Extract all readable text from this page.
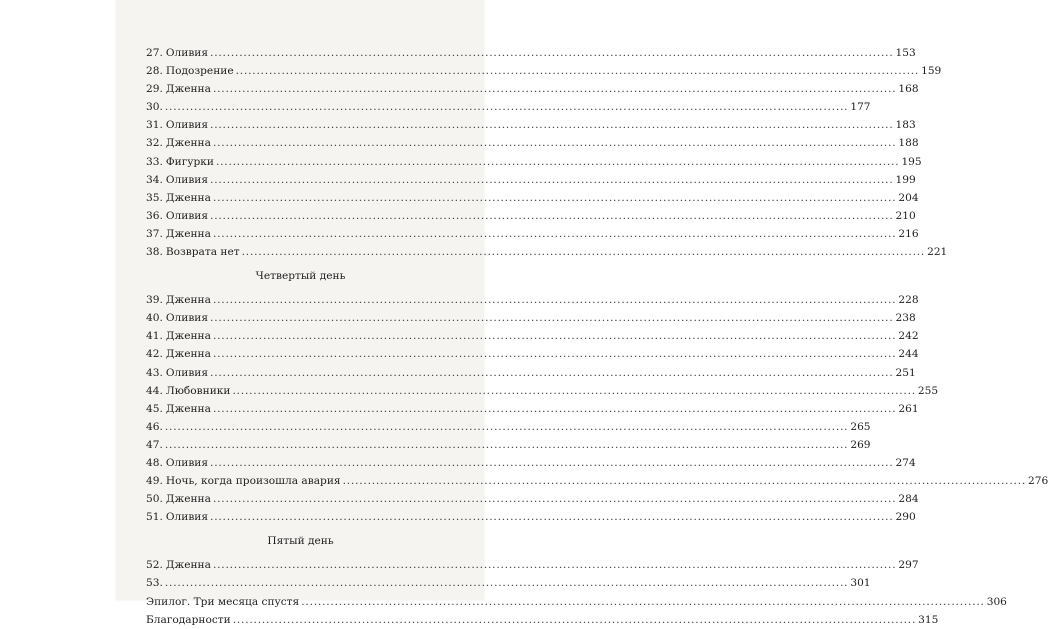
27. Оливия .....	153
28. Подозрение .....	159
29. Дженна .....	168
30. .....	177
31. Оливия .....	183
32. Дженна .....	188
33. Фигурки .....	195
34. Оливия .....	199
35. Дженна .....	204
36. Оливия .....	210
37. Дженна .....	216
38. Возврата нет .....	221
Четвертый день
39. Дженна .....	228
40. Оливия .....	238
41. Дженна .....	242
42. Дженна .....	244
43. Оливия .....	251
44. Любовники .....	255
45. Дженна .....	261
46. .....	265
47. .....	269
48. Оливия .....	274
49. Ночь, когда произошла авария .....	276
50. Дженна .....	284
51. Оливия .....	290
Пятый день
52. Дженна .....	297
53. .....	301
Эпилог. Три месяца спустя .....	306
Благодарности .....	315
